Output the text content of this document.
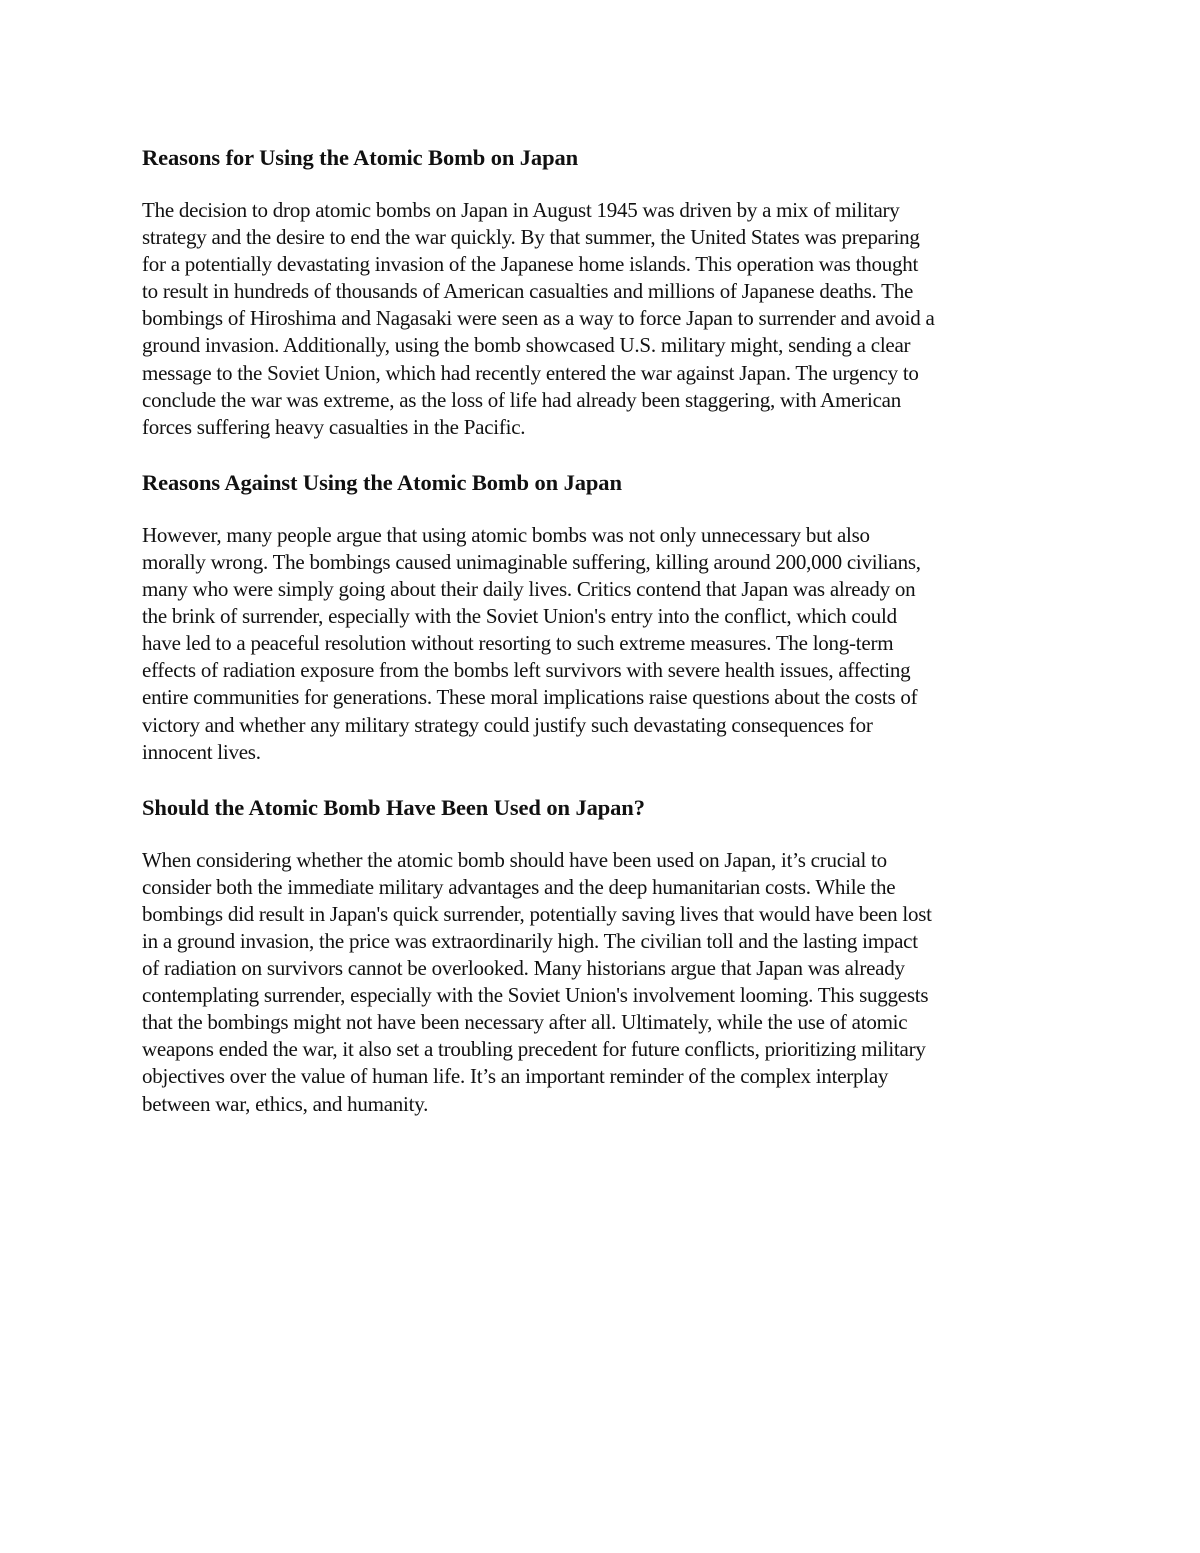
Reasons for Using the Atomic Bomb on Japan

The decision to drop atomic bombs on Japan in August 1945 was driven by a mix of military
strategy and the desire to end the war quickly. By that summer, the United States was preparing
for a potentially devastating invasion of the Japanese home islands. This operation was thought
to result in hundreds of thousands of American casualties and millions of Japanese deaths. The
bombings of Hiroshima and Nagasaki were seen as a way to force Japan to surrender and avoid a
ground invasion. Additionally, using the bomb showcased U.S. military might, sending a clear
message to the Soviet Union, which had recently entered the war against Japan. The urgency to
conclude the war was extreme, as the loss of life had already been staggering, with American
forces suffering heavy casualties in the Pacific.

Reasons Against Using the Atomic Bomb on Japan

However, many people argue that using atomic bombs was not only unnecessary but also
morally wrong. The bombings caused unimaginable suffering, killing around 200,000 civilians,
many who were simply going about their daily lives. Critics contend that Japan was already on
the brink of surrender, especially with the Soviet Union's entry into the conflict, which could
have led to a peaceful resolution without resorting to such extreme measures. The long-term
effects of radiation exposure from the bombs left survivors with severe health issues, affecting
entire communities for generations. These moral implications raise questions about the costs of
victory and whether any military strategy could justify such devastating consequences for
innocent lives.

Should the Atomic Bomb Have Been Used on Japan?

When considering whether the atomic bomb should have been used on Japan, it’s crucial to
consider both the immediate military advantages and the deep humanitarian costs. While the
bombings did result in Japan's quick surrender, potentially saving lives that would have been lost
in a ground invasion, the price was extraordinarily high. The civilian toll and the lasting impact
of radiation on survivors cannot be overlooked. Many historians argue that Japan was already
contemplating surrender, especially with the Soviet Union's involvement looming. This suggests
that the bombings might not have been necessary after all. Ultimately, while the use of atomic
weapons ended the war, it also set a troubling precedent for future conflicts, prioritizing military
objectives over the value of human life. It’s an important reminder of the complex interplay
between war, ethics, and humanity.
